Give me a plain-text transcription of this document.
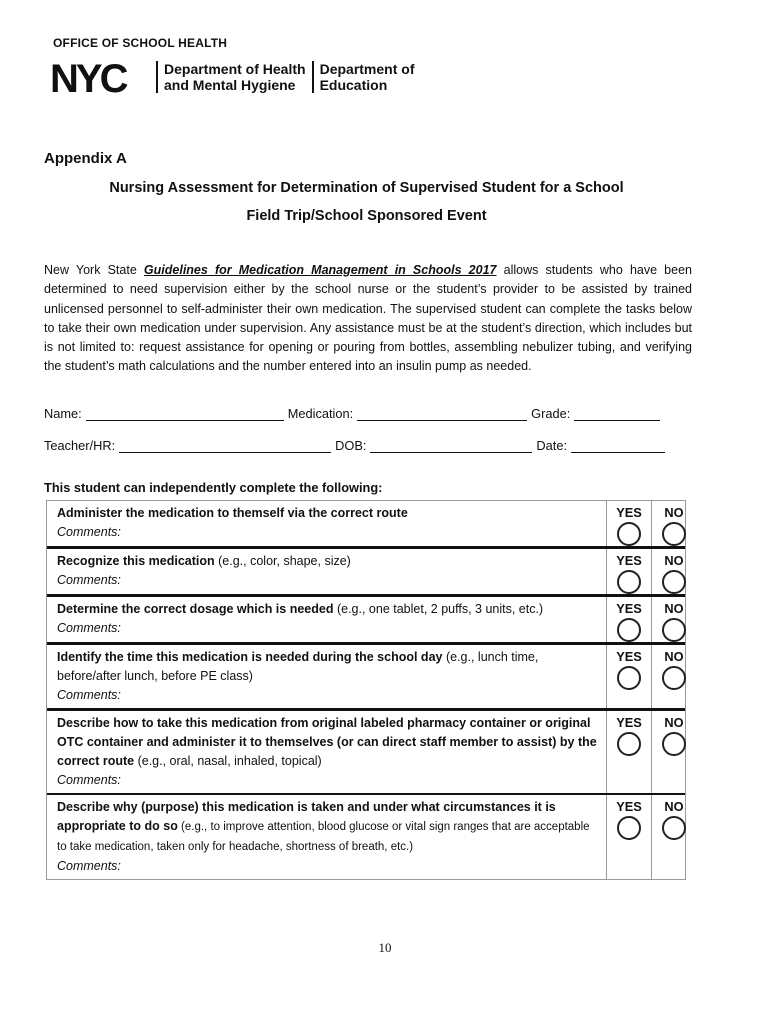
OFFICE OF SCHOOL HEALTH
NYC	Department of Health
and Mental Hygiene
Department of
Education
Appendix A
Nursing Assessment for Determination of Supervised Student for a School
Field Trip/School Sponsored Event
New York State Guidelines for Medication Management in Schools 2017 allows students who have been determined to need supervision either by the school nurse or the student’s provider to be assisted by trained unlicensed personnel to self-administer their own medication. The supervised student can complete the tasks below to take their own medication under supervision. Any assistance must be at the student’s direction, which includes but is not limited to: request assistance for opening or pouring from bottles, assembling nebulizer tubing, and verifying the student’s math calculations and the number entered into an insulin pump as needed.
Name:	Medication:	Grade:
Teacher/HR:	DOB:	Date:
This student can independently complete the following:
Administer the medication to themself via the correct route
Comments:
YES	NO
Recognize this medication (e.g., color, shape, size)
Comments:
YES	NO
Determine the correct dosage which is needed (e.g., one tablet, 2 puffs, 3 units, etc.)
Comments:
YES	NO
Identify the time this medication is needed during the school day (e.g., lunch time, before/after lunch, before PE class)
Comments:
YES	NO
Describe how to take this medication from original labeled pharmacy container or original OTC container and administer it to themselves (or can direct staff member to assist) by the correct route (e.g., oral, nasal, inhaled, topical)
Comments:
YES	NO
Describe why (purpose) this medication is taken and under what circumstances it is appropriate to do so (e.g., to improve attention, blood glucose or vital sign ranges that are acceptable to take medication, taken only for headache, shortness of breath, etc.)
Comments:
YES	NO
10
